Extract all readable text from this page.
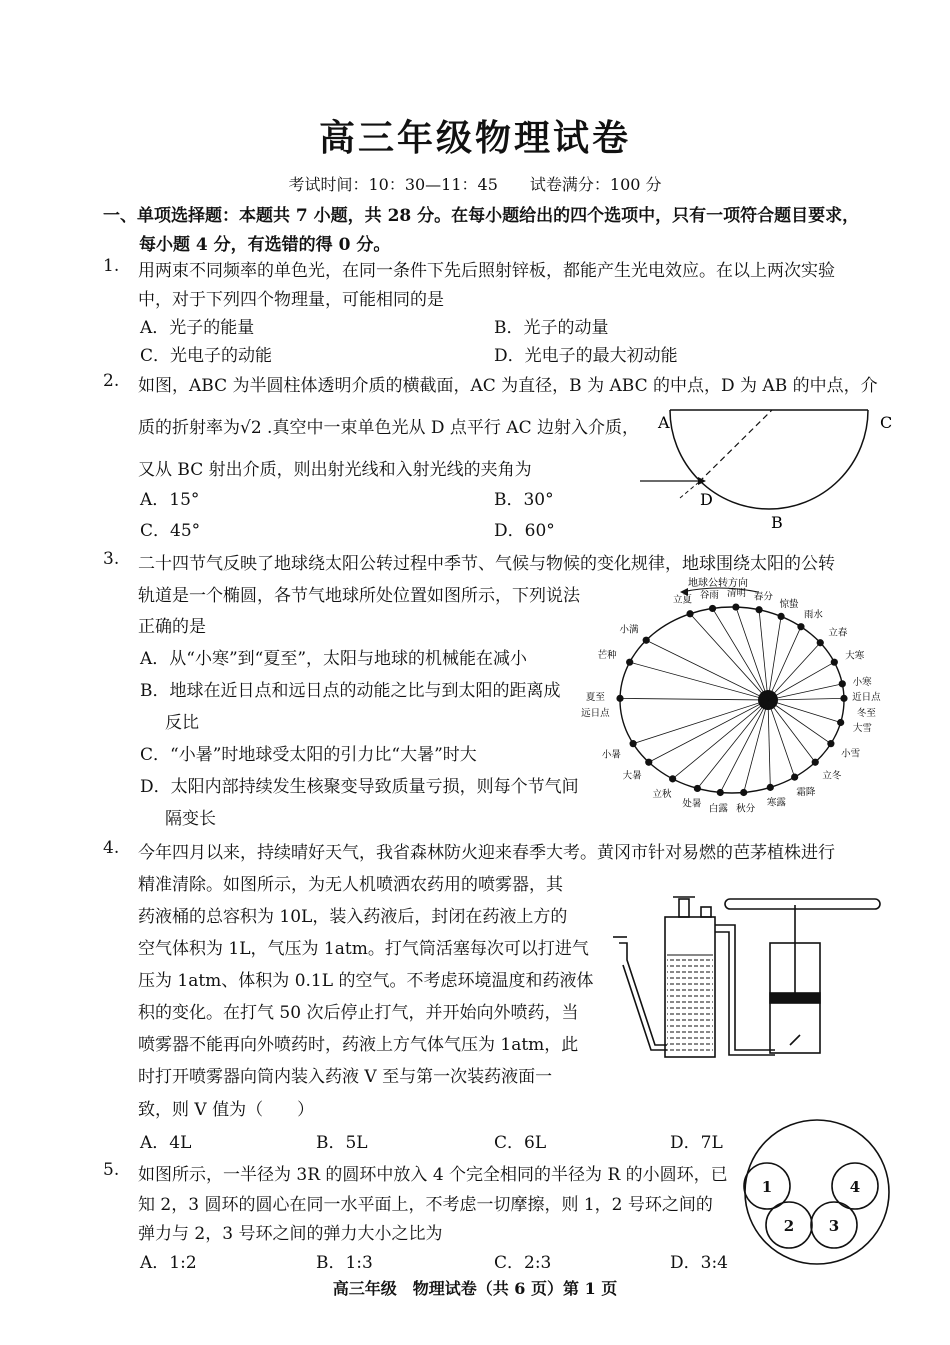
高三年级物理试卷
考试时间：10：30—11：45　　试卷满分：100 分
一、单项选择题：本题共 7 小题，共 28 分。在每小题给出的四个选项中，只有一项符合题目要求，
每小题 4 分，有选错的得 0 分。
1. 用两束不同频率的单色光，在同一条件下先后照射锌板，都能产生光电效应。在以上两次实验
中，对于下列四个物理量，可能相同的是
A．光子的能量	B．光子的动量
C．光电子的动能	D．光电子的最大初动能
2. 如图，ABC 为半圆柱体透明介质的横截面，AC 为直径，B 为 ABC 的中点，D 为 AB 的中点，介
质的折射率为√2 .真空中一束单色光从 D 点平行 AC 边射入介质，
又从 BC 射出介质，则出射光线和入射光线的夹角为
A．15°	B．30°
C．45°	D．60°
A	C
D
B
3. 二十四节气反映了地球绕太阳公转过程中季节、气候与物候的变化规律，地球围绕太阳的公转
轨道是一个椭圆，各节气地球所处位置如图所示，下列说法
正确的是
A．从“小寒”到“夏至”，太阳与地球的机械能在减小
B．地球在近日点和远日点的动能之比与到太阳的距离成
反比
C．“小暑”时地球受太阳的引力比“大暑”时大
D．太阳内部持续发生核聚变导致质量亏损，则每个节气间
隔变长
地球公转方向
立夏 谷雨 清明 春分
惊蛰
雨水
立春
大寒
小寒
近日点
冬至
大雪
小雪
立冬
霜降
寒露
秋分
白露
处暑
立秋
大暑
小暑
夏至
远日点
芒种
小满
4. 今年四月以来，持续晴好天气，我省森林防火迎来春季大考。黄冈市针对易燃的芭茅植株进行
精准清除。如图所示，为无人机喷洒农药用的喷雾器，其
药液桶的总容积为 10L，装入药液后，封闭在药液上方的
空气体积为 1L，气压为 1atm。打气筒活塞每次可以打进气
压为 1atm、体积为 0.1L 的空气。不考虑环境温度和药液体
积的变化。在打气 50 次后停止打气，并开始向外喷药，当
喷雾器不能再向外喷药时，药液上方气体气压为 1atm，此
时打开喷雾器向筒内装入药液 V 至与第一次装药液面一
致，则 V 值为（　　）
A．4L	B．5L	C．6L	D．7L
5. 如图所示，一半径为 3R 的圆环中放入 4 个完全相同的半径为 R 的小圆环，已
知 2，3 圆环的圆心在同一水平面上，不考虑一切摩擦，则 1，2 号环之间的
弹力与 2，3 号环之间的弹力大小之比为
A．1:2	B．1:3	C．2:3	D．3:4
1
2 3
4
高三年级　物理试卷（共 6 页）第 1 页
